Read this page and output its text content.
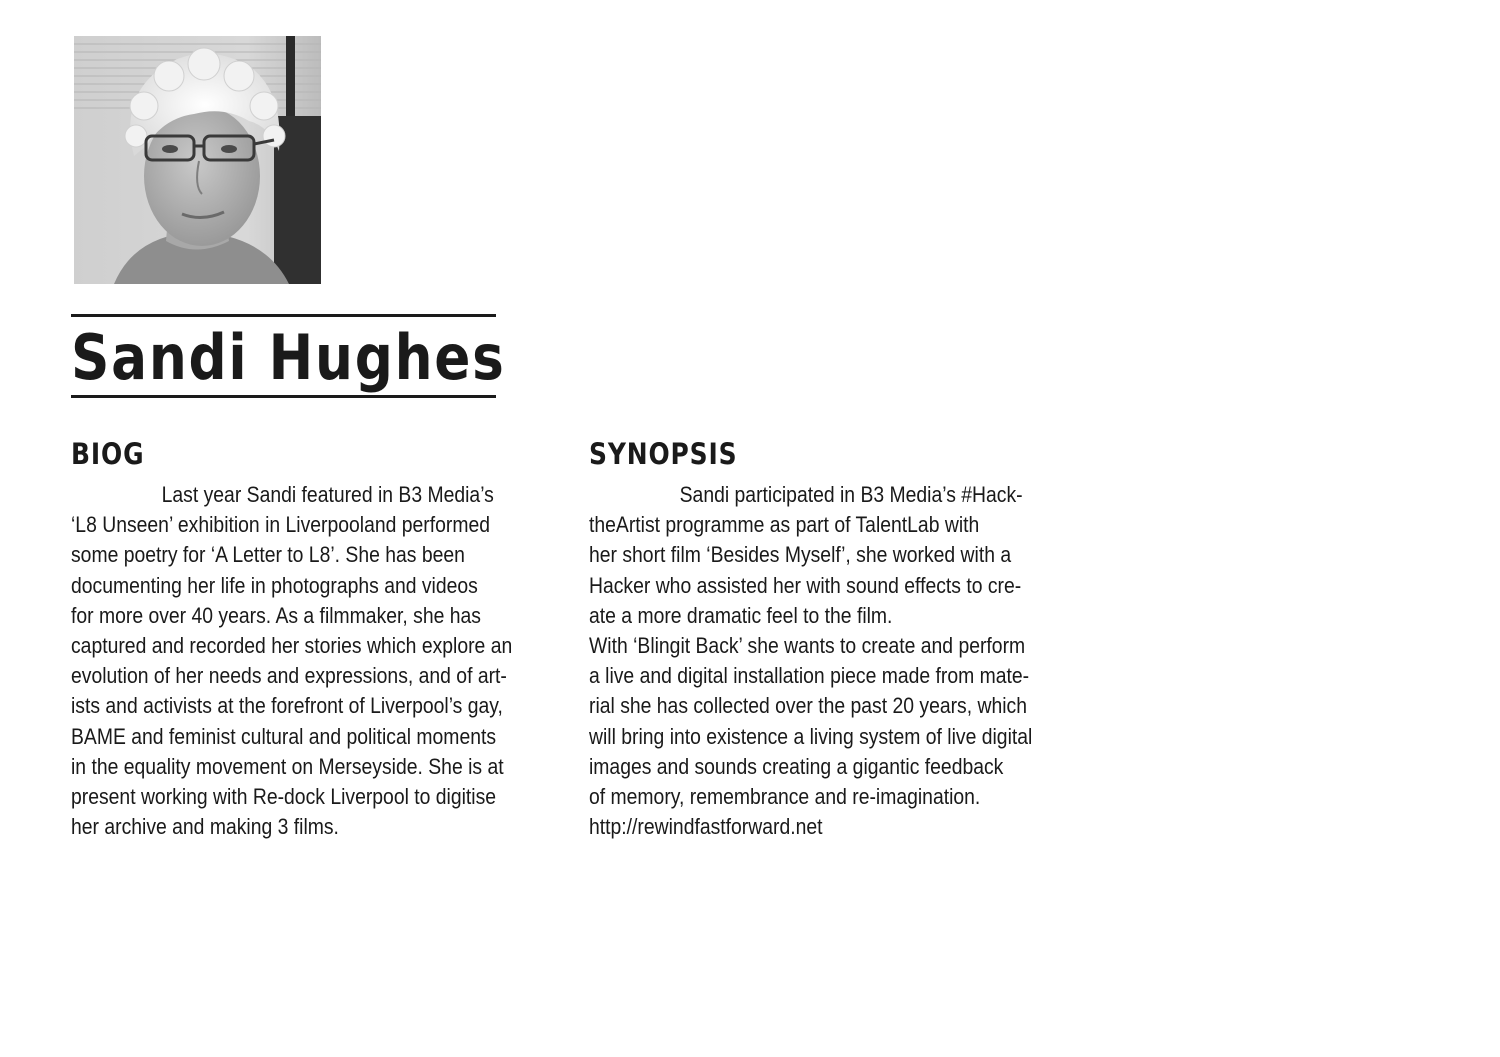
Sandi Hughes
BIOG
Last year Sandi featured in B3 Media’s
‘L8 Unseen’ exhibition in Liverpooland performed
some poetry for ‘A Letter to L8’. She has been
documenting her life in photographs and videos
for more over 40 years. As a filmmaker, she has
captured and recorded her stories which explore an
evolution of her needs and expressions, and of art-
ists and activists at the forefront of Liverpool’s gay,
BAME and feminist cultural and political moments
in the equality movement on Merseyside. She is at
present working with Re-dock Liverpool to digitise
her archive and making 3 films.
SYNOPSIS
Sandi participated in B3 Media’s #Hack-
theArtist programme as part of TalentLab with
her short film ‘Besides Myself’, she worked with a
Hacker who assisted her with sound effects to cre-
ate a more dramatic feel to the film.
With ‘Blingit Back’ she wants to create and perform
a live and digital installation piece made from mate-
rial she has collected over the past 20 years, which
will bring into existence a living system of live digital
images and sounds creating a gigantic feedback
of memory, remembrance and re-imagination.
http://rewindfastforward.net
